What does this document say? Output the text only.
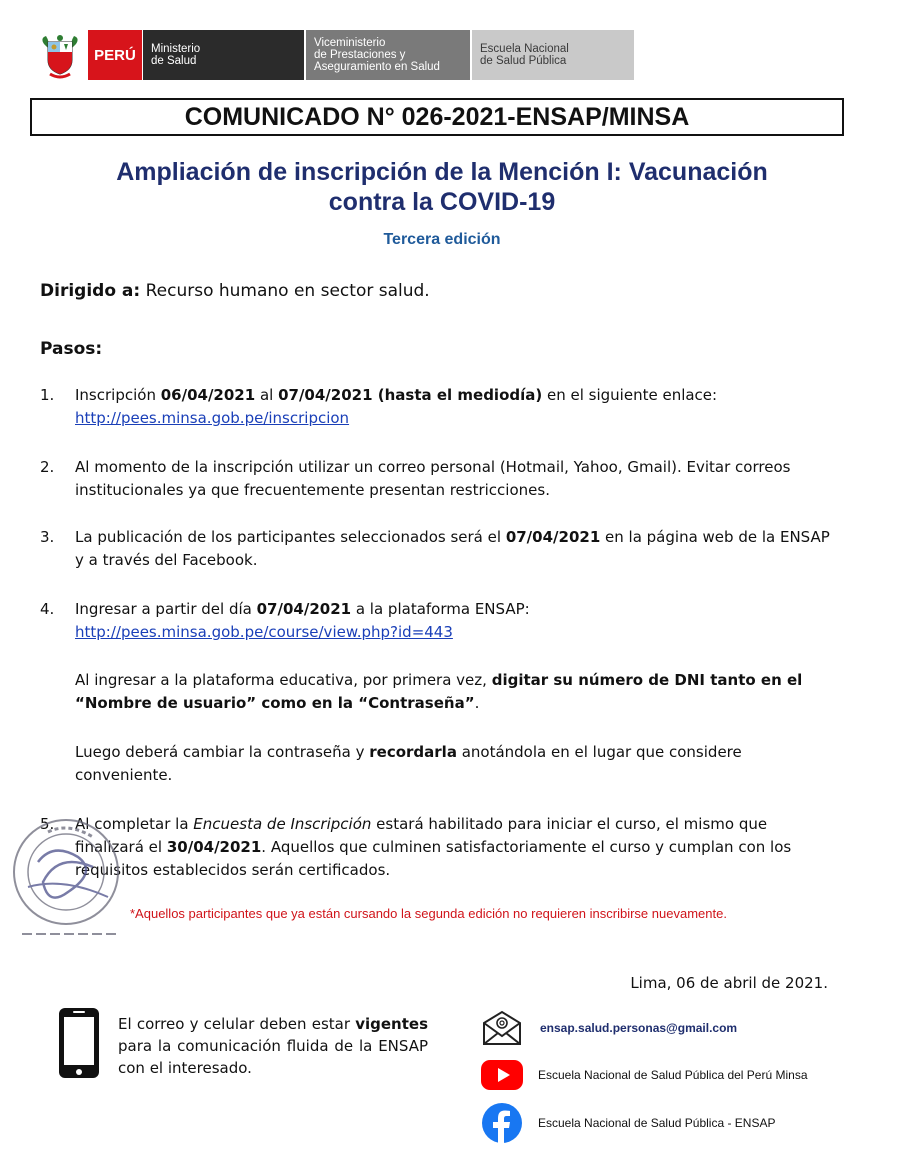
PERÚ Ministerio
de Salud
Viceministerio
de Prestaciones y
Aseguramiento en Salud
Escuela Nacional
de Salud Pública
COMUNICADO N° 026-2021-ENSAP/MINSA
Ampliación de inscripción de la Mención I: Vacunación
contra la COVID-19
Tercera edición
Dirigido a: Recurso humano en sector salud.
Pasos:
1. Inscripción 06/04/2021 al 07/04/2021 (hasta el mediodía) en el siguiente enlace:
http://pees.minsa.gob.pe/inscripcion
2. Al momento de la inscripción utilizar un correo personal (Hotmail, Yahoo, Gmail). Evitar correos institucionales ya que frecuentemente presentan restricciones.
3. La publicación de los participantes seleccionados será el 07/04/2021 en la página web de la ENSAP y a través del Facebook.
4. Ingresar a partir del día 07/04/2021 a la plataforma ENSAP:
http://pees.minsa.gob.pe/course/view.php?id=443
Al ingresar a la plataforma educativa, por primera vez, digitar su número de DNI tanto en el “Nombre de usuario” como en la “Contraseña”.
Luego deberá cambiar la contraseña y recordarla anotándola en el lugar que considere conveniente.
5. Al completar la Encuesta de Inscripción estará habilitado para iniciar el curso, el mismo que finalizará el 30/04/2021. Aquellos que culminen satisfactoriamente el curso y cumplan con los requisitos establecidos serán certificados.
*Aquellos participantes que ya están cursando la segunda edición no requieren inscribirse nuevamente.
Lima, 06 de abril de 2021.
El correo y celular deben estar vigentes para la comunicación fluida de la ENSAP con el interesado.
ensap.salud.personas@gmail.com
Escuela Nacional de Salud Pública del Perú Minsa
Escuela Nacional de Salud Pública - ENSAP
